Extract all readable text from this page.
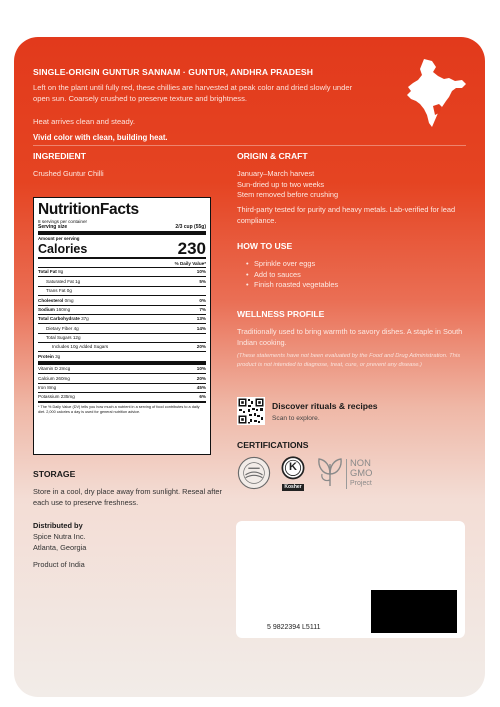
SINGLE-ORIGIN GUNTUR SANNAM · GUNTUR, ANDHRA PRADESH
Left on the plant until fully red, these chillies are harvested at peak color and dried slowly under open sun. Coarsely crushed to preserve texture and brightness.
Heat arrives clean and steady.
Vivid color with clean, building heat.
INGREDIENT
Crushed Guntur Chilli
NutritionFacts
8 servings per container
Serving size	2/3 cup (55g)
Amount per serving
Calories	230
% Daily Value*
Total Fat 8g	10%
Saturated Fat 1g	5%
Trans Fat 0g
Cholesterol 0mg	0%
Sodium 160mg	7%
Total Carbohydrate 37g	13%
Dietary Fiber 4g	14%
Total Sugars 12g
Includes 10g Added Sugars	20%
Protein 3g
Vitamin D 2mcg	10%
Calcium 260mg	20%
Iron 8mg	45%
Potassium 235mg	6%
* The % Daily Value (DV) tells you how much a nutrient in a serving of food contributes to a daily diet. 2,000 calories a day is used for general nutrition advice.
STORAGE
Store in a cool, dry place away from sunlight. Reseal after each use to preserve freshness.
Distributed by
Spice Nutra Inc.
Atlanta, Georgia
Product of India
ORIGIN & CRAFT
January–March harvest
Sun-dried up to two weeks
Stem removed before crushing
Third-party tested for purity and heavy metals. Lab-verified for lead compliance.
HOW TO USE
• Sprinkle over eggs
• Add to sauces
• Finish roasted vegetables
WELLNESS PROFILE
Traditionally used to bring warmth to savory dishes. A staple in South Indian cooking.
(These statements have not been evaluated by the Food and Drug Administration. This product is not intended to diagnose, treat, cure, or prevent any disease.)
Discover rituals & recipes
Scan to explore.
CERTIFICATIONS
K
Kosher
NON
GMO
Project
5 9822394 L5111
